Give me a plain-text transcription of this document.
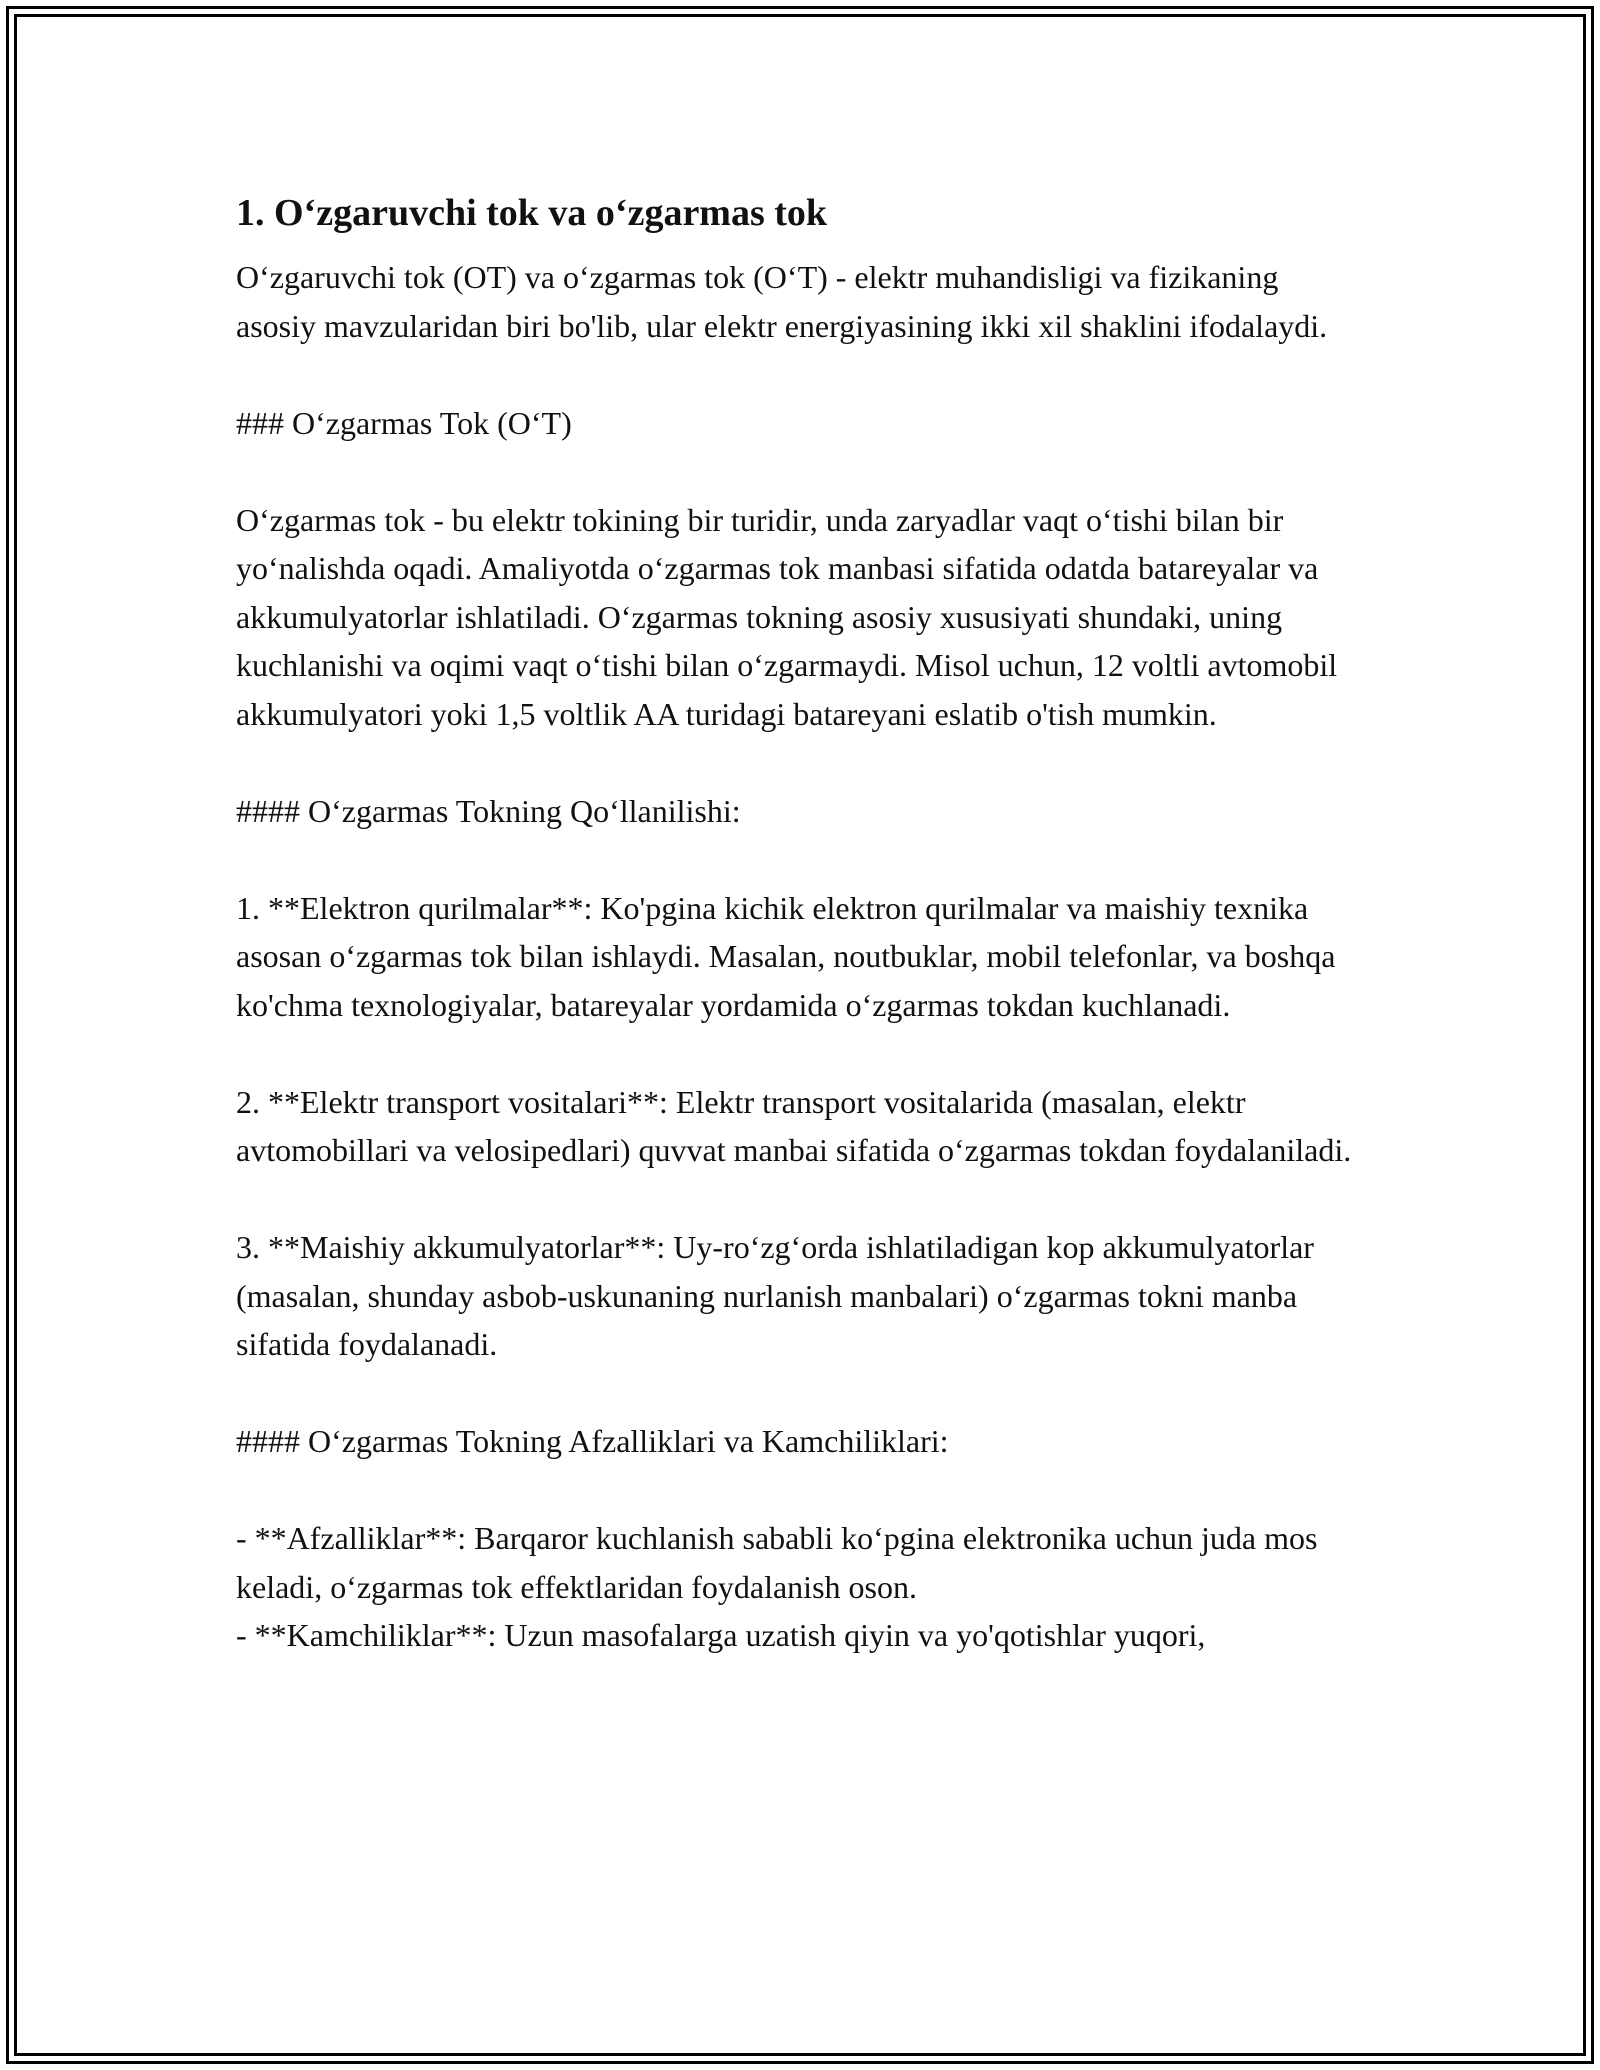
1. O‘zgaruvchi tok va o‘zgarmas tok

O‘zgaruvchi tok (OT) va o‘zgarmas tok (O‘T) - elektr muhandisligi va fizikaning asosiy mavzularidan biri bo'lib, ular elektr energiyasining ikki xil shaklini ifodalaydi.

### O‘zgarmas Tok (O‘T)

O‘zgarmas tok - bu elektr tokining bir turidir, unda zaryadlar vaqt o‘tishi bilan bir yo‘nalishda oqadi. Amaliyotda o‘zgarmas tok manbasi sifatida odatda batareyalar va akkumulyatorlar ishlatiladi. O‘zgarmas tokning asosiy xususiyati shundaki, uning kuchlanishi va oqimi vaqt o‘tishi bilan o‘zgarmaydi. Misol uchun, 12 voltli avtomobil akkumulyatori yoki 1,5 voltlik AA turidagi batareyani eslatib o'tish mumkin.

#### O‘zgarmas Tokning Qo‘llanilishi:

1. **Elektron qurilmalar**: Ko'pgina kichik elektron qurilmalar va maishiy texnika asosan o‘zgarmas tok bilan ishlaydi. Masalan, noutbuklar, mobil telefonlar, va boshqa ko'chma texnologiyalar, batareyalar yordamida o‘zgarmas tokdan kuchlanadi.

2. **Elektr transport vositalari**: Elektr transport vositalarida (masalan, elektr avtomobillari va velosipedlari) quvvat manbai sifatida o‘zgarmas tokdan foydalaniladi.

3. **Maishiy akkumulyatorlar**: Uy-ro‘zg‘orda ishlatiladigan kop akkumulyatorlar (masalan, shunday asbob-uskunaning nurlanish manbalari) o‘zgarmas tokni manba sifatida foydalanadi.

#### O‘zgarmas Tokning Afzalliklari va Kamchiliklari:

- **Afzalliklar**: Barqaror kuchlanish sababli ko‘pgina elektronika uchun juda mos keladi, o‘zgarmas tok effektlaridan foydalanish oson.

- **Kamchiliklar**: Uzun masofalarga uzatish qiyin va yo'qotishlar yuqori,
